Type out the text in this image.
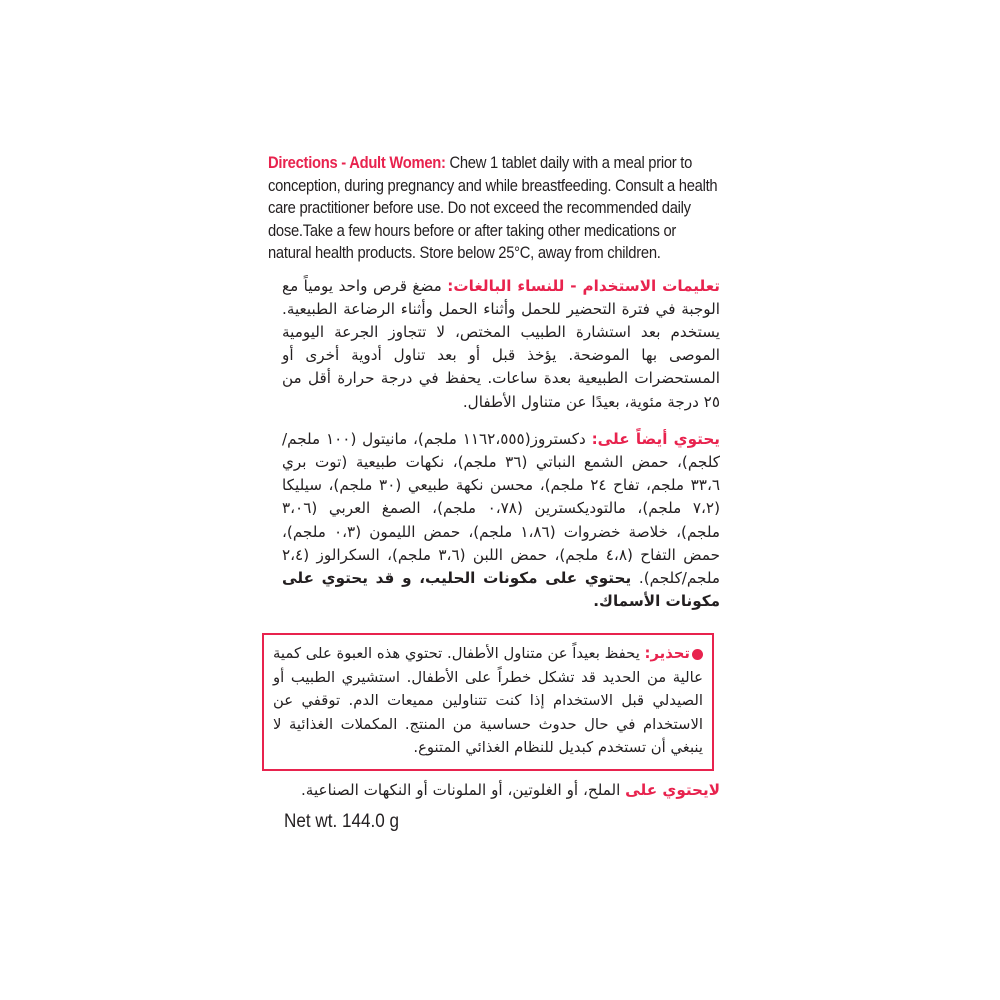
Directions - Adult Women: Chew 1 tablet daily with a meal prior to conception, during pregnancy and while breastfeeding. Consult a health care practitioner before use. Do not exceed the recommended daily dose.Take a few hours before or after taking other medications or natural health products. Store below 25°C, away from children.

تعليمات الاستخدام - للنساء البالغات: مضغ قرص واحد يومياً مع الوجبة في فترة التحضير للحمل وأثناء الحمل وأثناء الرضاعة الطبيعية. يستخدم بعد استشارة الطبيب المختص، لا تتجاوز الجرعة اليومية الموصى بها الموضحة. يؤخذ قبل أو بعد تناول أدوية أخرى أو المستحضرات الطبيعية بعدة ساعات. يحفظ في درجة حرارة أقل من ٢٥ درجة مئوية، بعيدًا عن متناول الأطفال.
يحتوي أيضاً على: دكستروز(١١٦٢،٥٥٥ ملجم)، مانيتول (١٠٠ ملجم/كلجم)، حمض الشمع النباتي (٣٦ ملجم)، نكهات طبيعية (توت بري ٣٣،٦ ملجم، تفاح ٢٤ ملجم)، محسن نكهة طبيعي (٣٠ ملجم)، سيليكا (٧،٢ ملجم)، مالتوديكسترين (٠،٧٨ ملجم)، الصمغ العربي (٣،٠٦ ملجم)، خلاصة خضروات (١،٨٦ ملجم)، حمض الليمون (٠،٣ ملجم)، حمض التفاح (٤،٨ ملجم)، حمض اللبن (٣،٦ ملجم)، السكرالوز (٢،٤ ملجم/كلجم). يحتوي على مكونات الحليب، و قد يحتوي على مكونات الأسماك.
تحذير: يحفظ بعيداً عن متناول الأطفال. تحتوي هذه العبوة على كمية عالية من الحديد قد تشكل خطراً على الأطفال. استشيري الطبيب أو الصيدلي قبل الاستخدام إذا كنت تتناولين مميعات الدم. توقفي عن الاستخدام في حال حدوث حساسية من المنتج. المكملات الغذائية لا ينبغي أن تستخدم كبديل للنظام الغذائي المتنوع.
لايحتوي على الملح، أو الغلوتين، أو الملونات أو النكهات الصناعية.
Net wt. 144.0 g
